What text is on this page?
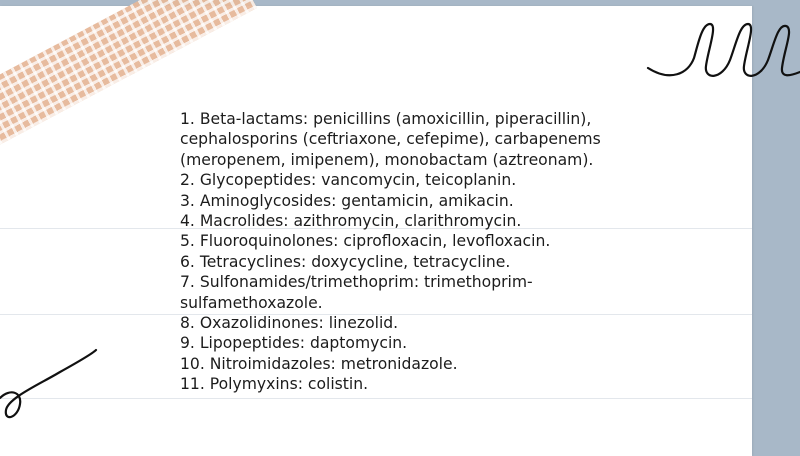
1. Beta-lactams: penicillins (amoxicillin, piperacillin), cephalosporins (ceftriaxone, cefepime), carbapenems (meropenem, imipenem), monobactam (aztreonam).
2. Glycopeptides: vancomycin, teicoplanin.
3. Aminoglycosides: gentamicin, amikacin.
4. Macrolides: azithromycin, clarithromycin.
5. Fluoroquinolones: ciprofloxacin, levofloxacin.
6. Tetracyclines: doxycycline, tetracycline.
7. Sulfonamides/trimethoprim: trimethoprim-sulfamethoxazole.
8. Oxazolidinones: linezolid.
9. Lipopeptides: daptomycin.
10. Nitroimidazoles: metronidazole.
11. Polymyxins: colistin.
